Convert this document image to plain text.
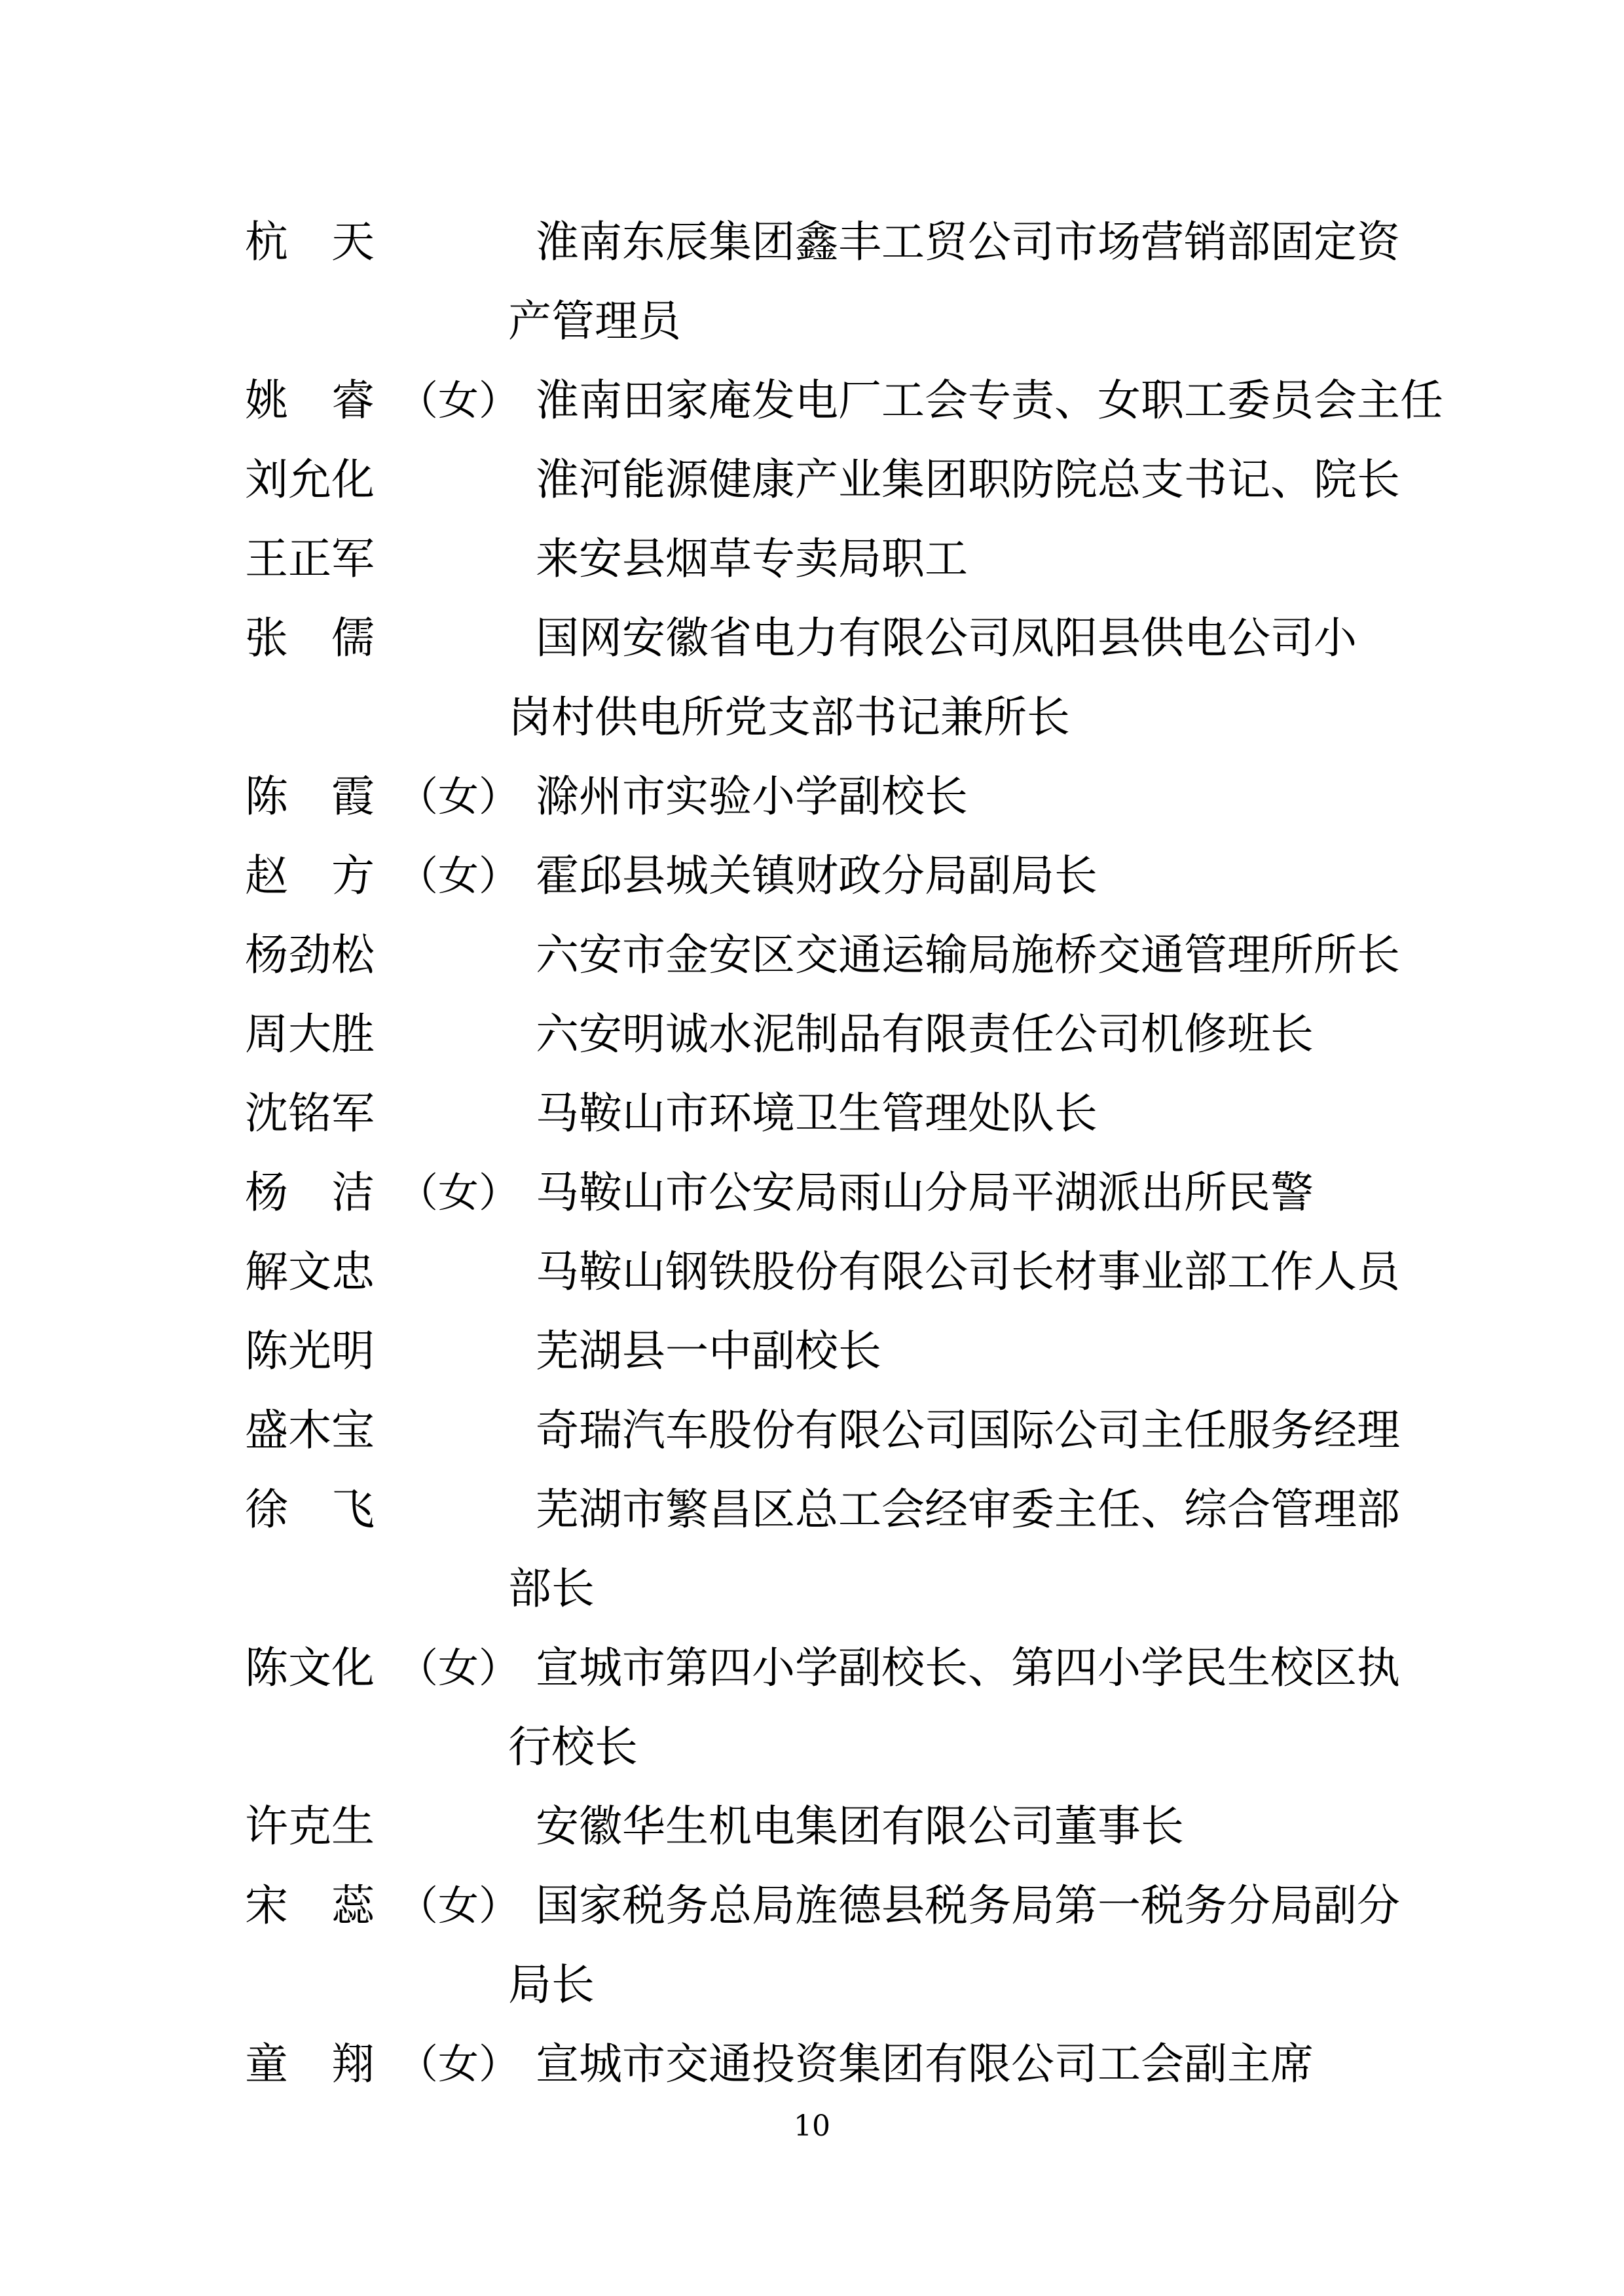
杭　天	淮南东辰集团鑫丰工贸公司市场营销部固定资
产管理员
姚　睿 （女） 淮南田家庵发电厂工会专责、女职工委员会主任
刘允化	淮河能源健康产业集团职防院总支书记、院长
王正军	来安县烟草专卖局职工
张　儒	国网安徽省电力有限公司凤阳县供电公司小
岗村供电所党支部书记兼所长
陈　霞 （女） 滁州市实验小学副校长
赵　方 （女） 霍邱县城关镇财政分局副局长
杨劲松	六安市金安区交通运输局施桥交通管理所所长
周大胜	六安明诚水泥制品有限责任公司机修班长
沈铭军	马鞍山市环境卫生管理处队长
杨　洁 （女） 马鞍山市公安局雨山分局平湖派出所民警
解文忠	马鞍山钢铁股份有限公司长材事业部工作人员
陈光明	芜湖县一中副校长
盛木宝	奇瑞汽车股份有限公司国际公司主任服务经理
徐　飞	芜湖市繁昌区总工会经审委主任、综合管理部
部长
陈文化 （女） 宣城市第四小学副校长、第四小学民生校区执
行校长
许克生	安徽华生机电集团有限公司董事长
宋　蕊 （女） 国家税务总局旌德县税务局第一税务分局副分
局长
童　翔 （女） 宣城市交通投资集团有限公司工会副主席
10
